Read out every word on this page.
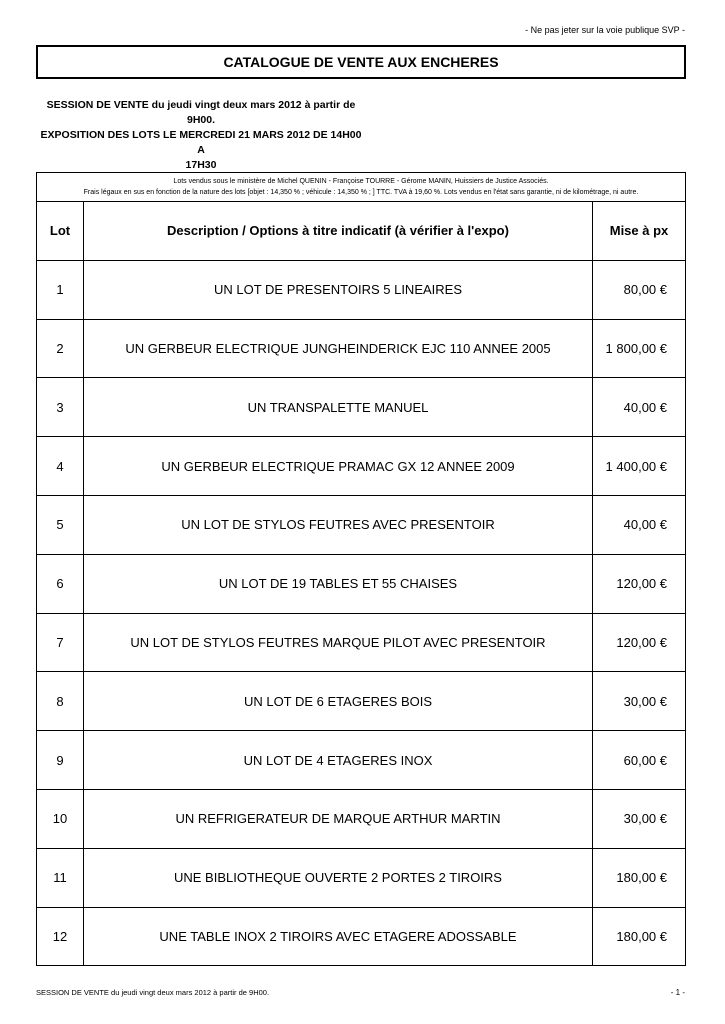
- Ne pas jeter sur la voie publique SVP -
CATALOGUE DE VENTE AUX ENCHERES
SESSION DE VENTE du jeudi vingt deux mars 2012 à partir de
9H00.
EXPOSITION DES LOTS LE MERCREDI 21 MARS 2012 DE 14H00 A
17H30
Lots vendus sous le ministère de Michel QUENIN - Françoise TOURRE - Gérome MANIN, Huissiers de Justice Associés.
Frais légaux en sus en fonction de la nature des lots [objet : 14,350 % ; véhicule : 14,350 % ; ] TTC. TVA à 19,60 %. Lots vendus en l'état sans garantie, ni de kilométrage, ni autre.
Lot	Description / Options à titre indicatif (à vérifier à l'expo)	Mise à px
1	UN LOT DE PRESENTOIRS 5 LINEAIRES	80,00 €
2	UN GERBEUR ELECTRIQUE JUNGHEINDERICK EJC 110 ANNEE 2005	1 800,00 €
3	UN TRANSPALETTE MANUEL	40,00 €
4	UN GERBEUR ELECTRIQUE PRAMAC GX 12 ANNEE 2009	1 400,00 €
5	UN LOT DE STYLOS FEUTRES AVEC PRESENTOIR	40,00 €
6	UN LOT DE 19 TABLES ET 55 CHAISES	120,00 €
7	UN LOT DE STYLOS FEUTRES MARQUE PILOT AVEC PRESENTOIR	120,00 €
8	UN LOT DE 6 ETAGERES BOIS	30,00 €
9	UN LOT DE 4 ETAGERES INOX	60,00 €
10	UN REFRIGERATEUR DE MARQUE ARTHUR MARTIN	30,00 €
11	UNE BIBLIOTHEQUE OUVERTE 2 PORTES 2 TIROIRS	180,00 €
12	UNE TABLE INOX 2 TIROIRS AVEC ETAGERE ADOSSABLE	180,00 €
SESSION DE VENTE du jeudi vingt deux mars 2012 à partir de 9H00.	- 1 -
